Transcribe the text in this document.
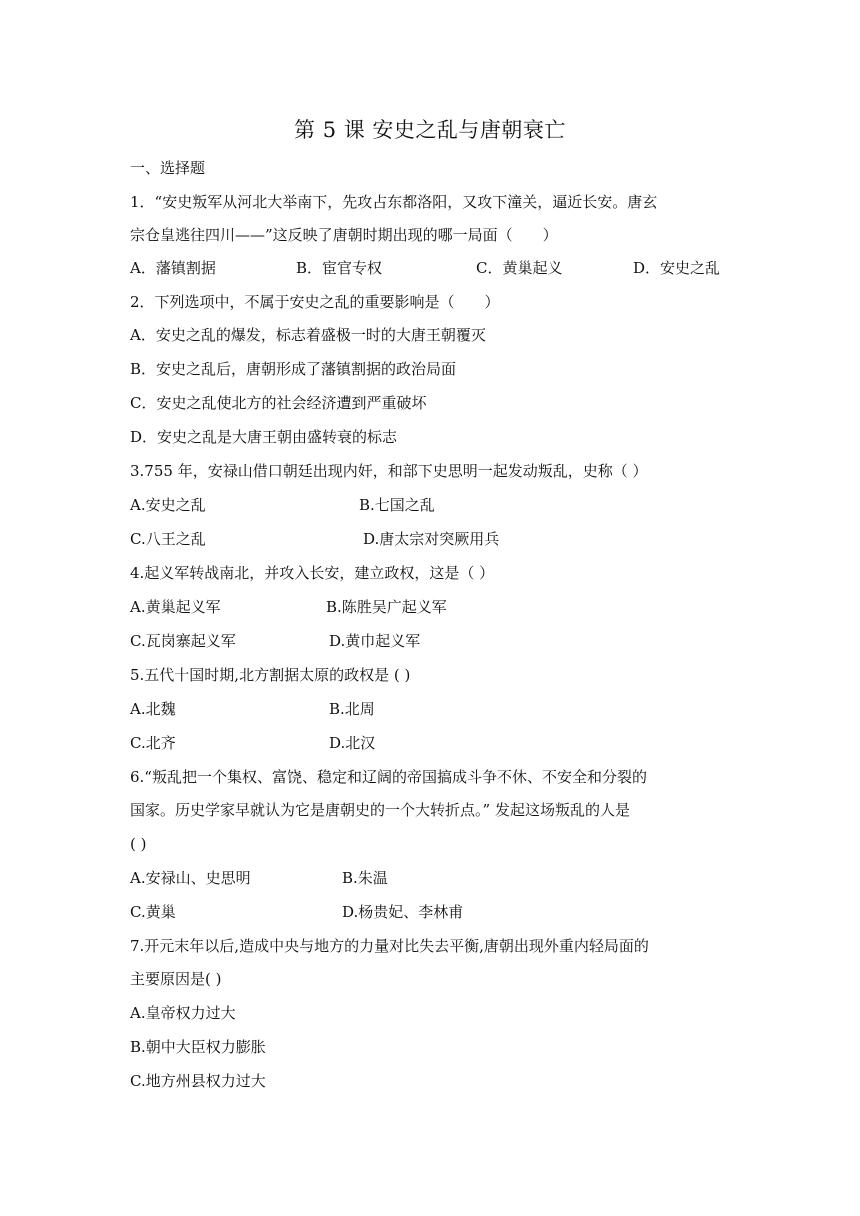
第 5 课 安史之乱与唐朝衰亡
一、选择题
1．“安史叛军从河北大举南下，先攻占东都洛阳，又攻下潼关，逼近长安。唐玄
宗仓皇逃往四川——”这反映了唐朝时期出现的哪一局面（　　）
A．藩镇割据	B．宦官专权	C．黄巢起义	D．安史之乱
2．下列选项中，不属于安史之乱的重要影响是（　　）
A．安史之乱的爆发，标志着盛极一时的大唐王朝覆灭
B．安史之乱后，唐朝形成了藩镇割据的政治局面
C．安史之乱使北方的社会经济遭到严重破坏
D．安史之乱是大唐王朝由盛转衰的标志
3.755 年，安禄山借口朝廷出现内奸，和部下史思明一起发动叛乱，史称（ ）
A.安史之乱	B.七国之乱
C.八王之乱	D.唐太宗对突厥用兵
4.起义军转战南北，并攻入长安，建立政权，这是（ ）
A.黄巢起义军	B.陈胜吴广起义军
C.瓦岗寨起义军	D.黄巾起义军
5.五代十国时期,北方割据太原的政权是 ( )
A.北魏	B.北周
C.北齐	D.北汉
6.“叛乱把一个集权、富饶、稳定和辽阔的帝国搞成斗争不休、不安全和分裂的
国家。历史学家早就认为它是唐朝史的一个大转折点。” 发起这场叛乱的人是
( )
A.安禄山、史思明	B.朱温
C.黄巢	D.杨贵妃、李林甫
7.开元末年以后,造成中央与地方的力量对比失去平衡,唐朝出现外重内轻局面的
主要原因是( )
A.皇帝权力过大
B.朝中大臣权力膨胀
C.地方州县权力过大
